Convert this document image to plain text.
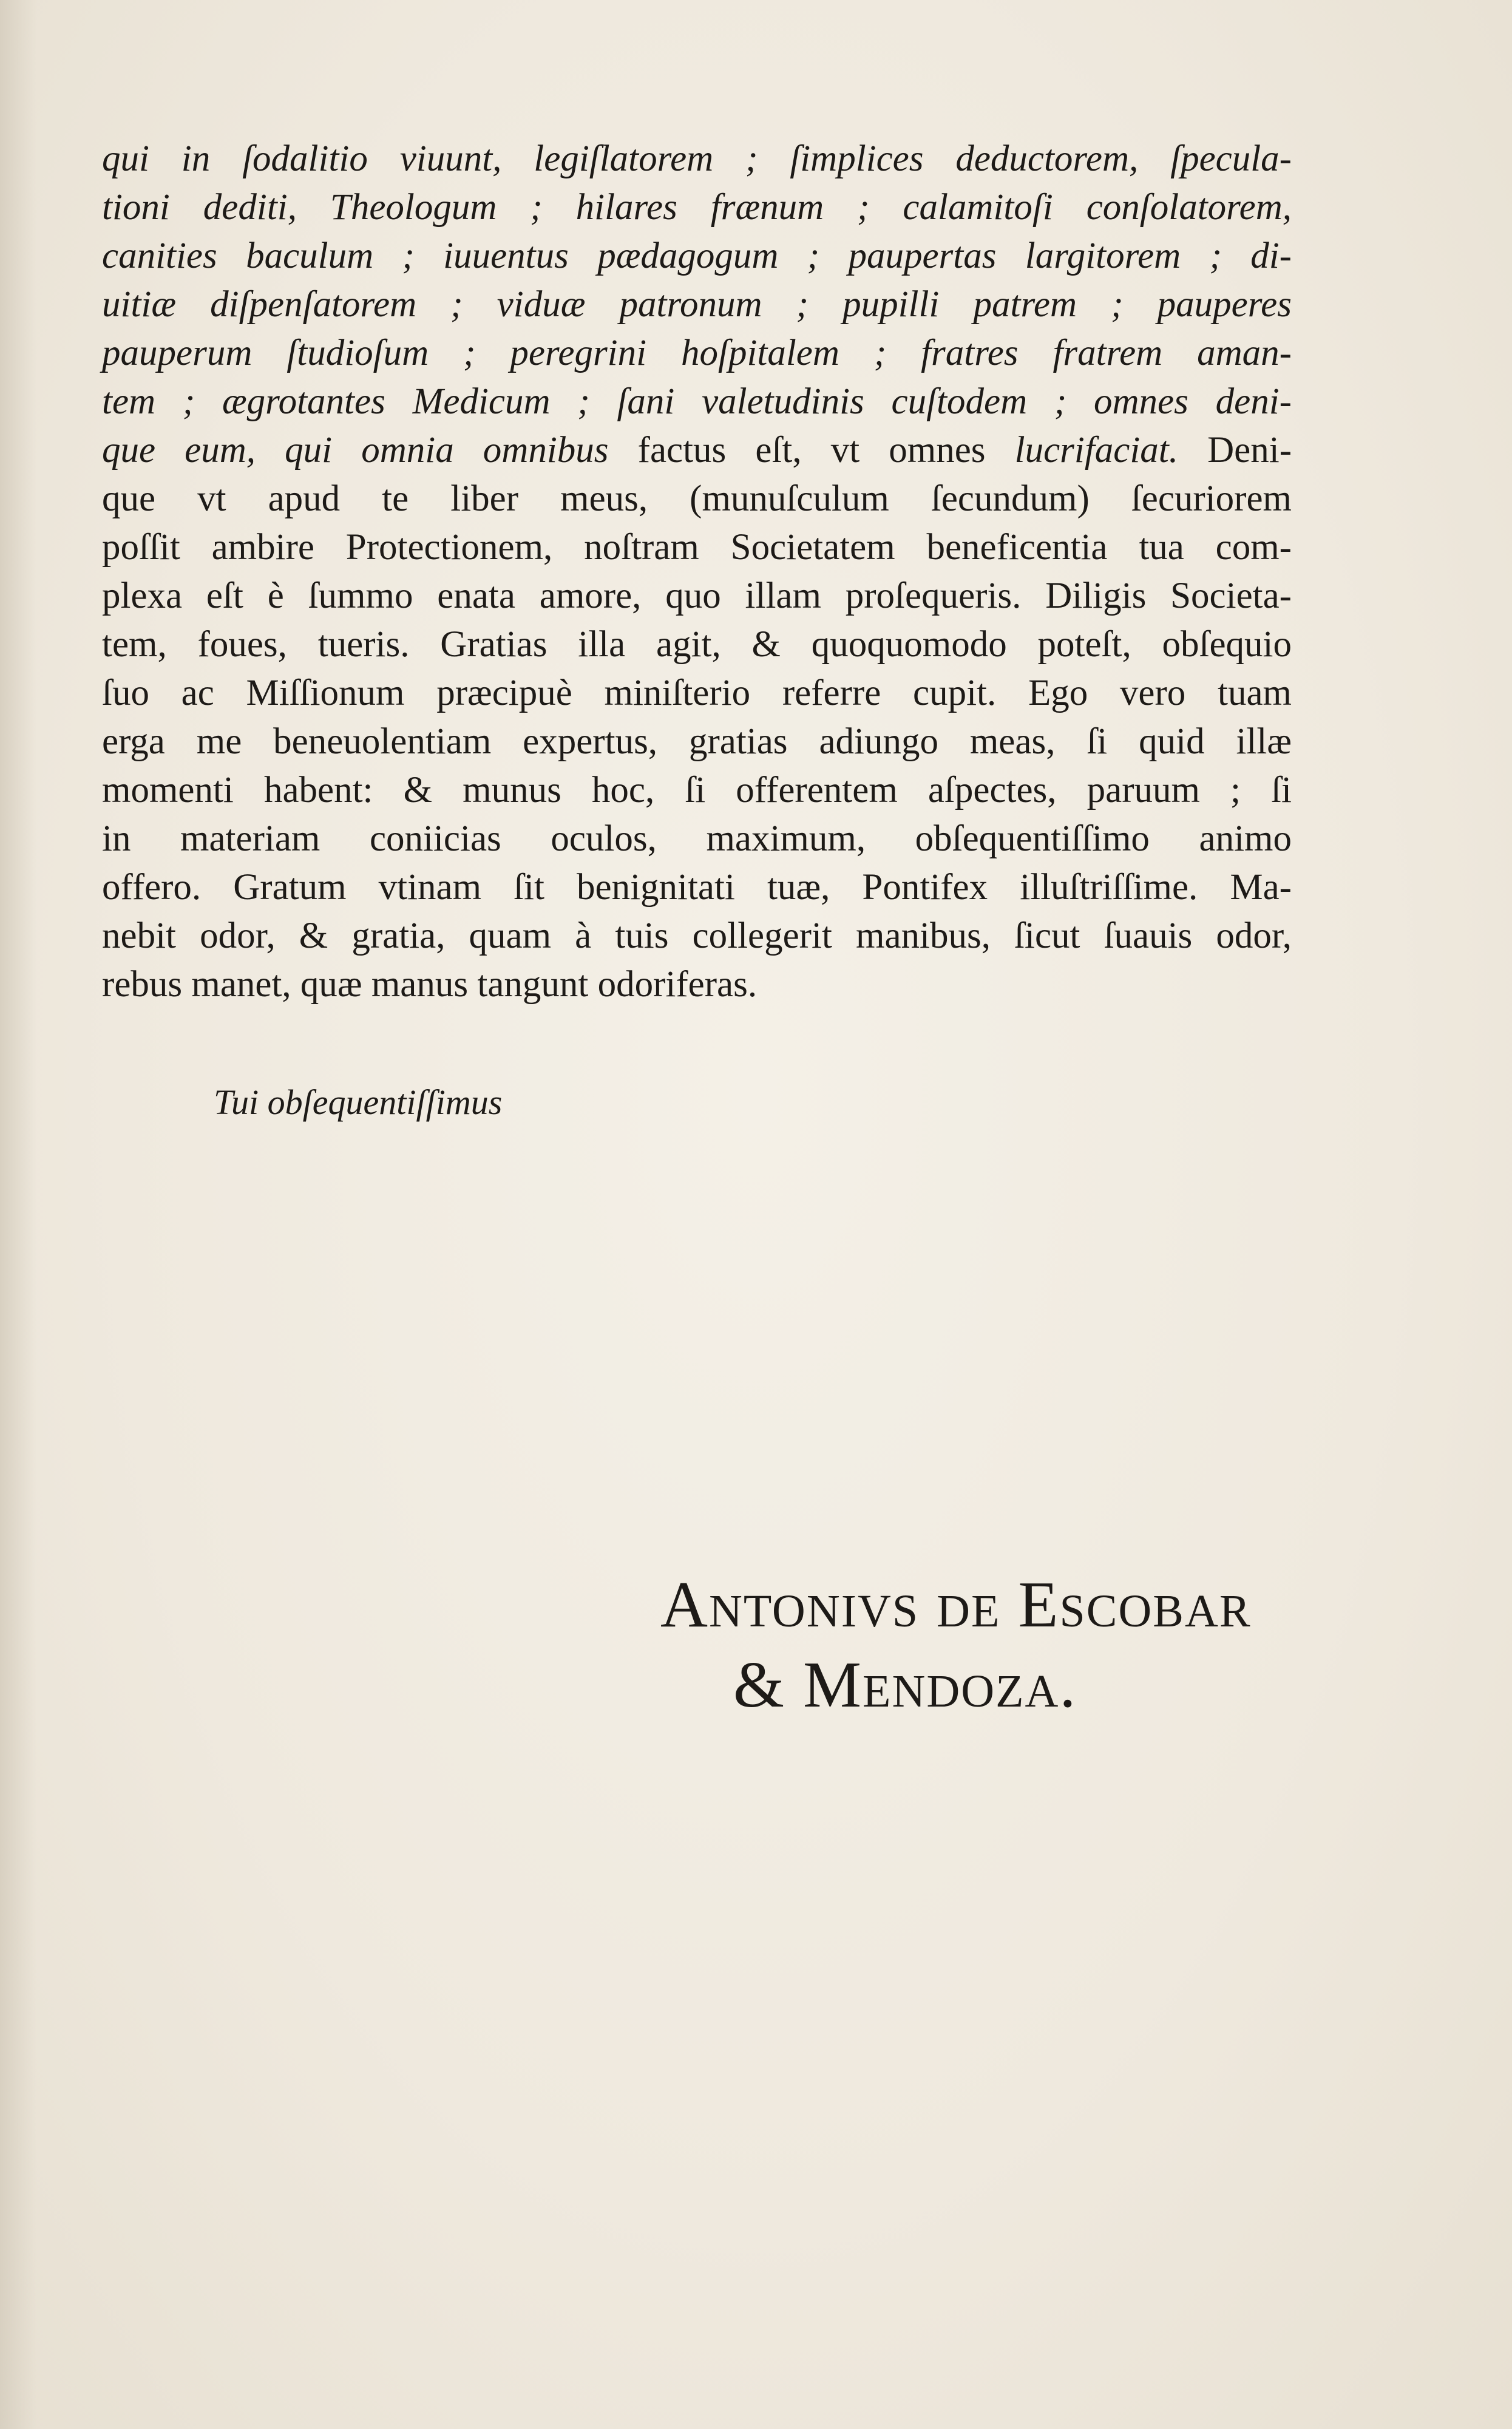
qui in ſodalitio viuunt, legiſlatorem ; ſimplices deductorem, ſpecula-
tioni dediti, Theologum ; hilares frænum ; calamitoſi conſolatorem,
canities baculum ; iuuentus pædagogum ; paupertas largitorem ; di-
uitiæ diſpenſatorem ; viduæ patronum ; pupilli patrem ; pauperes
pauperum ſtudioſum ; peregrini hoſpitalem ; fratres fratrem aman-
tem ; ægrotantes Medicum ; ſani valetudinis cuſtodem ; omnes deni-
que eum, qui omnia omnibus factus eſt, vt omnes lucrifaciat. Deni-
que vt apud te liber meus, (munuſculum ſecundum) ſecuriorem
poſſit ambire Protectionem, noſtram Societatem beneficentia tua com-
plexa eſt è ſummo enata amore, quo illam proſequeris. Diligis Societa-
tem, foues, tueris. Gratias illa agit, & quoquomodo poteſt, obſequio
ſuo ac Miſſionum præcipuè miniſterio referre cupit. Ego vero tuam
erga me beneuolentiam expertus, gratias adiungo meas, ſi quid illæ
momenti habent: & munus hoc, ſi offerentem aſpectes, paruum ; ſi
in materiam coniicias oculos, maximum, obſequentiſſimo animo
offero. Gratum vtinam ſit benignitati tuæ, Pontifex illuſtriſſime. Ma-
nebit odor, & gratia, quam à tuis collegerit manibus, ſicut ſuauis odor,
rebus manet, quæ manus tangunt odoriferas.
Tui obſequentiſſimus
Antonivs de Escobar
& Mendoza.
